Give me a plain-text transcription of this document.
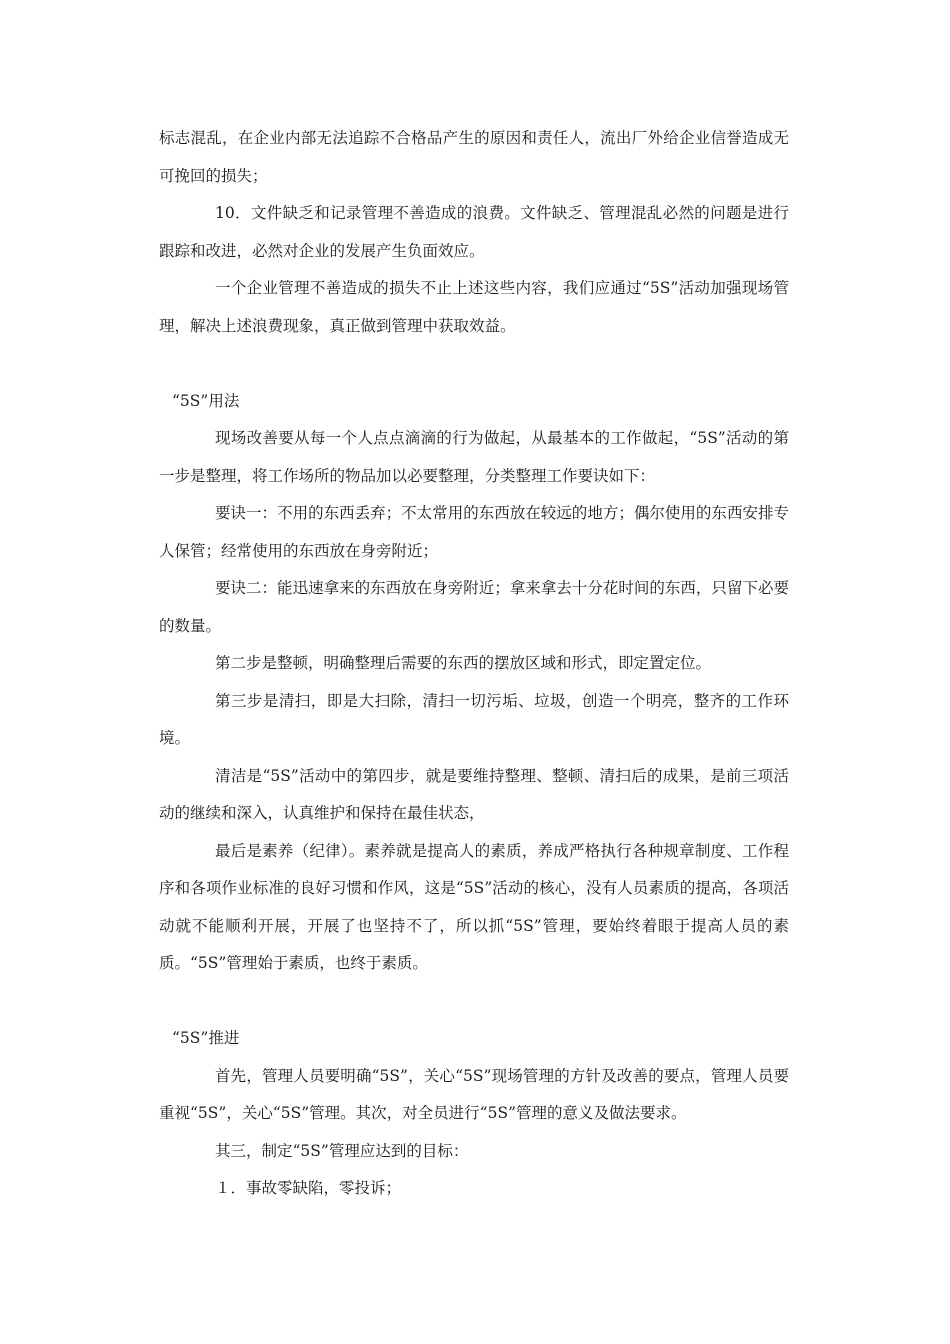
标志混乱，在企业内部无法追踪不合格品产生的原因和责任人，流出厂外给企业信誉造成无可挽回的损失；

10．文件缺乏和记录管理不善造成的浪费。文件缺乏、管理混乱必然的问题是进行跟踪和改进，必然对企业的发展产生负面效应。

一个企业管理不善造成的损失不止上述这些内容，我们应通过“5S”活动加强现场管理，解决上述浪费现象，真正做到管理中获取效益。

“5S”用法

现场改善要从每一个人点点滴滴的行为做起，从最基本的工作做起，“5S”活动的第一步是整理，将工作场所的物品加以必要整理，分类整理工作要诀如下：

要诀一：不用的东西丢弃；不太常用的东西放在较远的地方；偶尔使用的东西安排专人保管；经常使用的东西放在身旁附近；

要诀二：能迅速拿来的东西放在身旁附近；拿来拿去十分花时间的东西，只留下必要的数量。

第二步是整顿，明确整理后需要的东西的摆放区域和形式，即定置定位。

第三步是清扫，即是大扫除，清扫一切污垢、垃圾，创造一个明亮，整齐的工作环境。

清洁是“5S”活动中的第四步，就是要维持整理、整顿、清扫后的成果，是前三项活动的继续和深入，认真维护和保持在最佳状态，

最后是素养（纪律）。素养就是提高人的素质，养成严格执行各种规章制度、工作程序和各项作业标准的良好习惯和作风，这是“5S”活动的核心，没有人员素质的提高，各项活动就不能顺利开展，开展了也坚持不了，所以抓“5S”管理，要始终着眼于提高人员的素质。“5S”管理始于素质，也终于素质。

“5S”推进

首先，管理人员要明确“5S”，关心“5S”现场管理的方针及改善的要点，管理人员要重视“5S”，关心“5S”管理。其次，对全员进行“5S”管理的意义及做法要求。

其三，制定“5S”管理应达到的目标：

１．事故零缺陷，零投诉；
